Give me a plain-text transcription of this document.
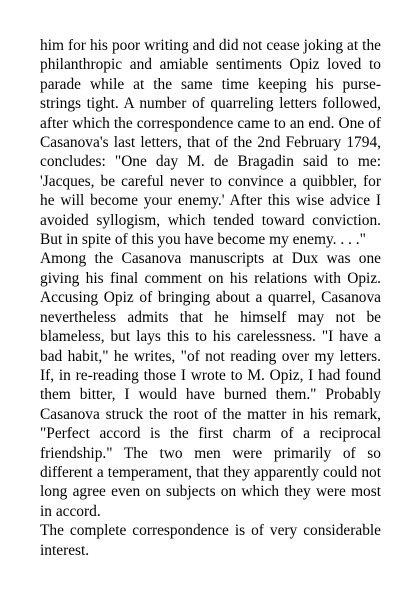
him for his poor writing and did not cease joking at the philanthropic and amiable sentiments Opiz loved to parade while at the same time keeping his purse-strings tight. A number of quarreling letters followed, after which the correspondence came to an end. One of Casanova's last letters, that of the 2nd February 1794, concludes: "One day M. de Bragadin said to me: 'Jacques, be careful never to convince a quibbler, for he will become your enemy.' After this wise advice I avoided syllogism, which tended toward conviction. But in spite of this you have become my enemy. . . ."

Among the Casanova manuscripts at Dux was one giving his final comment on his relations with Opiz. Accusing Opiz of bringing about a quarrel, Casanova nevertheless admits that he himself may not be blameless, but lays this to his carelessness. "I have a bad habit," he writes, "of not reading over my letters. If, in re-reading those I wrote to M. Opiz, I had found them bitter, I would have burned them." Probably Casanova struck the root of the matter in his remark, "Perfect accord is the first charm of a reciprocal friendship." The two men were primarily of so different a temperament, that they apparently could not long agree even on subjects on which they were most in accord.

The complete correspondence is of very considerable interest.
